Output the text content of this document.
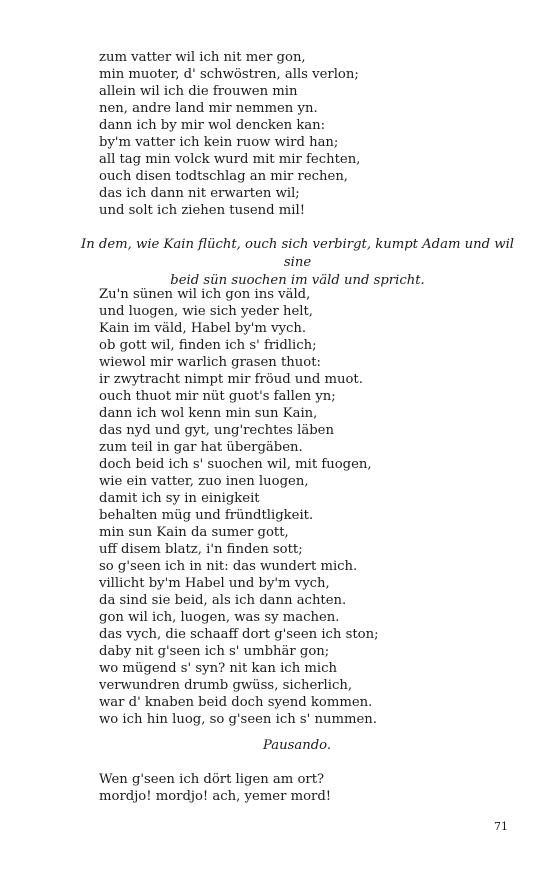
zum vatter wil ich nit mer gon,
min muoter, d' schwöstren, alls verlon;
allein wil ich die frouwen min
nen, andre land mir nemmen yn.
dann ich by mir wol dencken kan:
by'm vatter ich kein ruow wird han;
all tag min volck wurd mit mir fechten,
ouch disen todtschlag an mir rechen,
das ich dann nit erwarten wil;
und solt ich ziehen tusend mil!
In dem, wie Kain flücht, ouch sich verbirgt, kumpt Adam und wil sine
beid sün suochen im väld und spricht.
Zu'n sünen wil ich gon ins väld,
und luogen, wie sich yeder helt,
Kain im väld, Habel by'm vych.
ob gott wil, finden ich s' fridlich;
wiewol mir warlich grasen thuot:
ir zwytracht nimpt mir fröud und muot.
ouch thuot mir nüt guot's fallen yn;
dann ich wol kenn min sun Kain,
das nyd und gyt, ung'rechtes läben
zum teil in gar hat übergäben.
doch beid ich s' suochen wil, mit fuogen,
wie ein vatter, zuo inen luogen,
damit ich sy in einigkeit
behalten müg und fründtligkeit.
min sun Kain da sumer gott,
uff disem blatz, i'n finden sott;
so g'seen ich in nit: das wundert mich.
villicht by'm Habel und by'm vych,
da sind sie beid, als ich dann achten.
gon wil ich, luogen, was sy machen.
das vych, die schaaff dort g'seen ich ston;
daby nit g'seen ich s' umbhär gon;
wo mügend s' syn? nit kan ich mich
verwundren drumb gwüss, sicherlich,
war d' knaben beid doch syend kommen.
wo ich hin luog, so g'seen ich s' nummen.

Pausando.

Wen g'seen ich dört ligen am ort?
mordjo! mordjo! ach, yemer mord!
71
